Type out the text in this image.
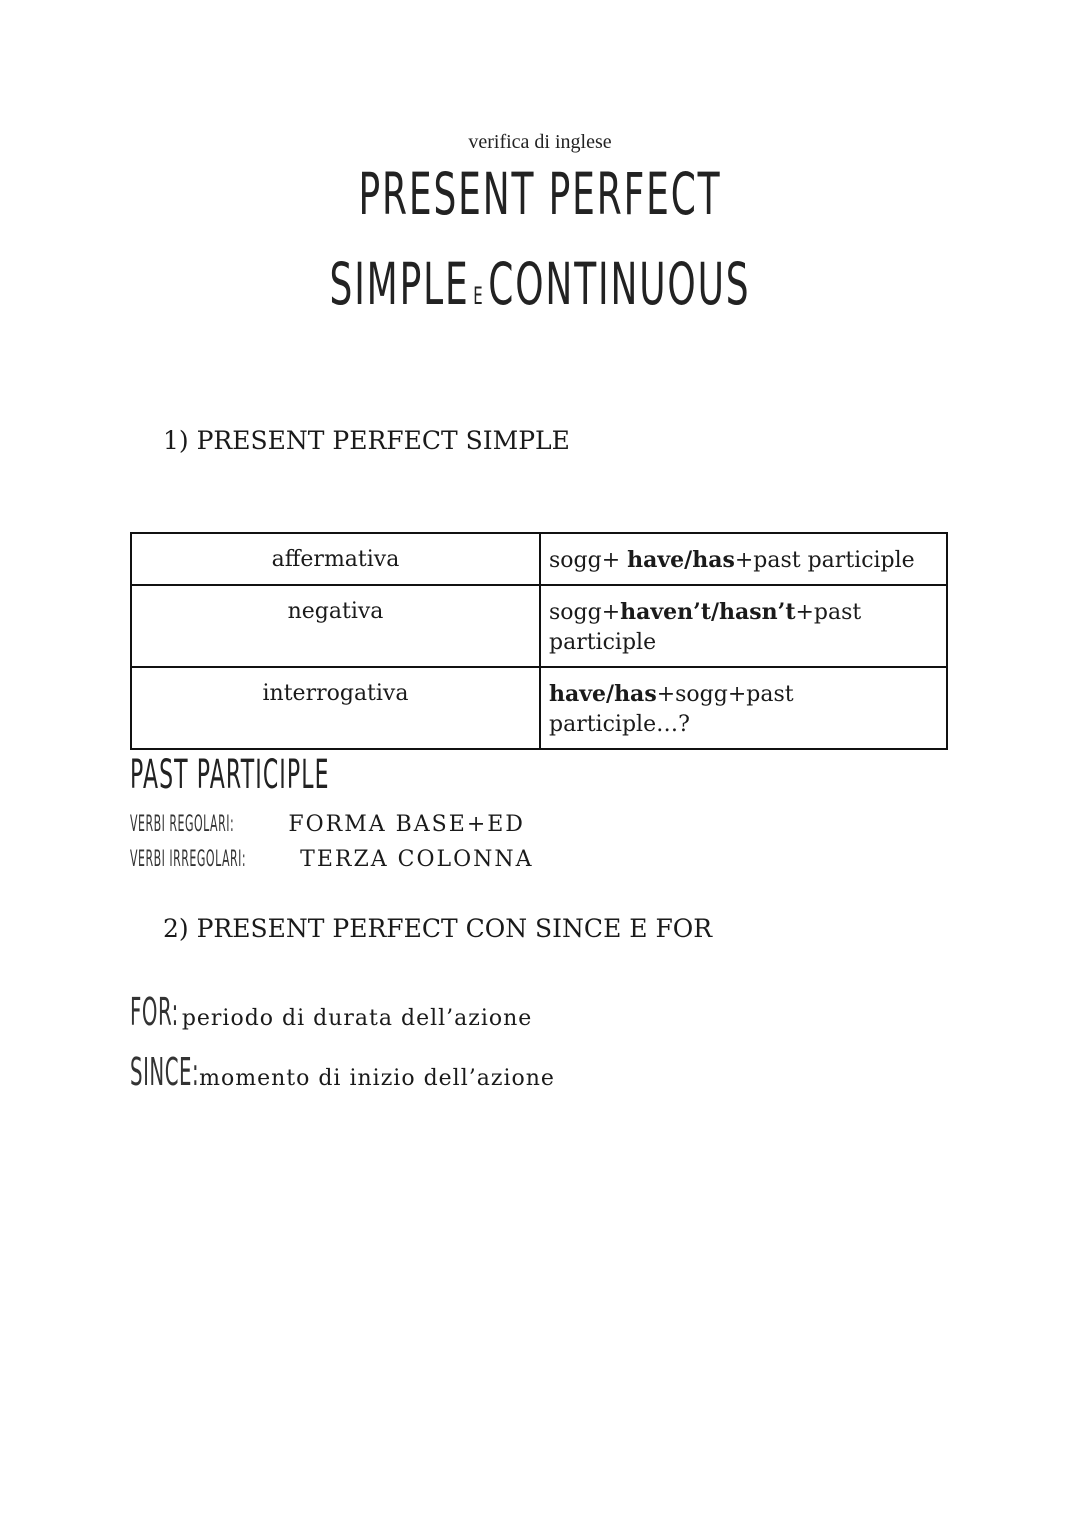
verifica di inglese
PRESENT PERFECT
SIMPLE ECONTINUOUS
1) PRESENT PERFECT SIMPLE
affermativa	sogg+ have/has+past participle
negativa	sogg+haven’t/hasn’t+past participle
interrogativa	have/has+sogg+past participle…?
PAST PARTICIPLE
VERBI REGOLARI: FORMA BASE+ED
VERBI IRREGOLARI: TERZA COLONNA
2) PRESENT PERFECT CON SINCE E FOR
FOR: periodo di durata dell’azione
SINCE:momento di inizio dell’azione
